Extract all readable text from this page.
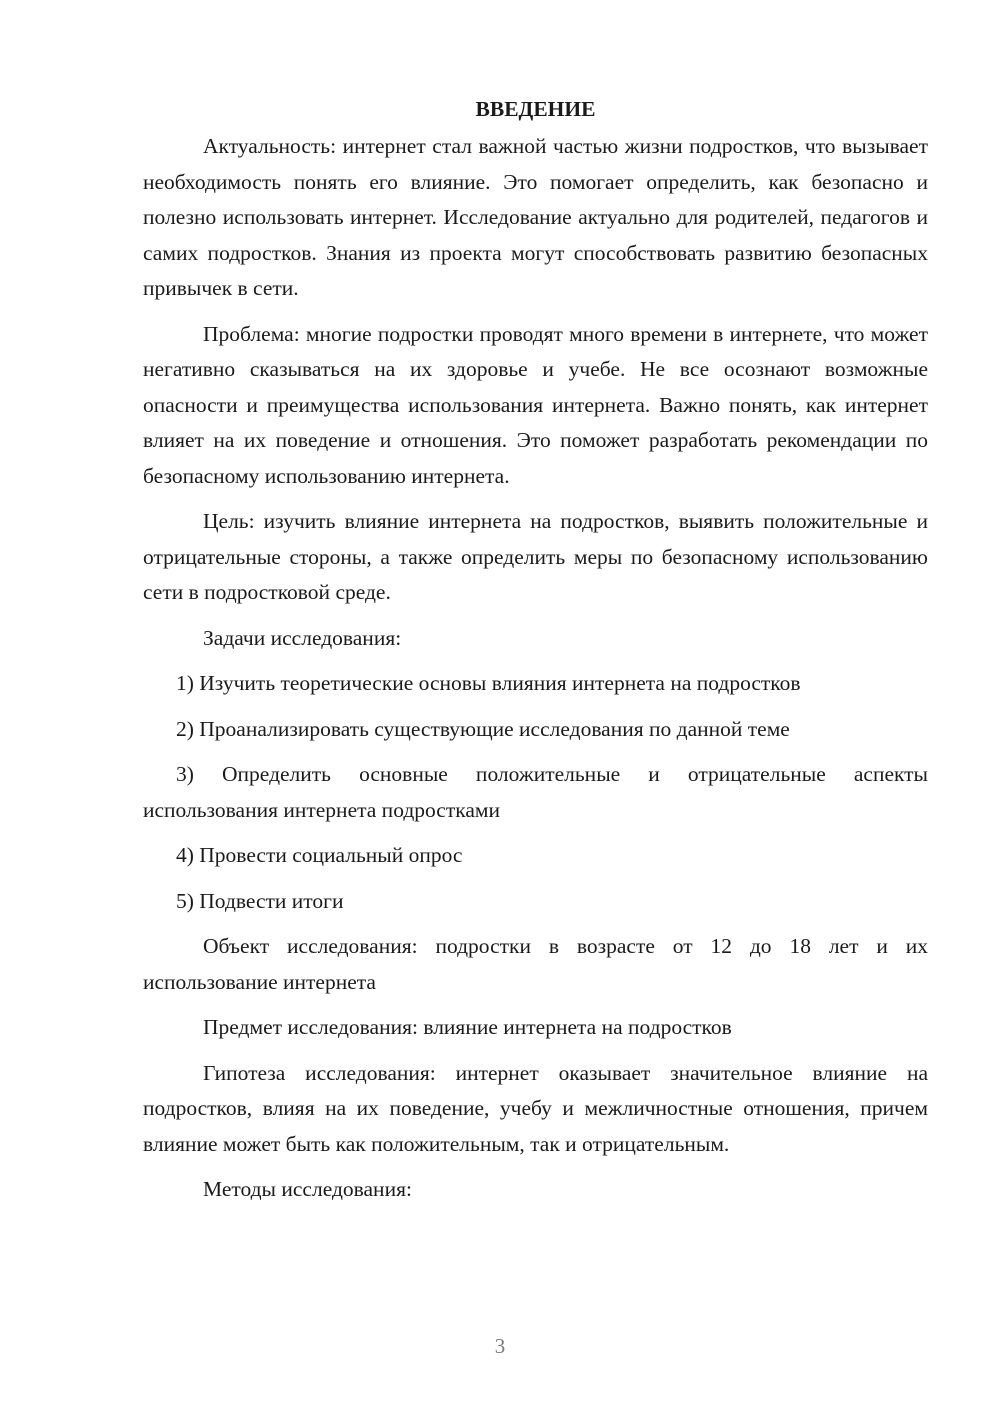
ВВЕДЕНИЕ

Актуальность: интернет стал важной частью жизни подростков, что вызывает необходимость понять его влияние. Это помогает определить, как безопасно и полезно использовать интернет. Исследование актуально для родителей, педагогов и самих подростков. Знания из проекта могут способствовать развитию безопасных привычек в сети.

Проблема: многие подростки проводят много времени в интернете, что может негативно сказываться на их здоровье и учебе. Не все осознают возможные опасности и преимущества использования интернета. Важно понять, как интернет влияет на их поведение и отношения. Это поможет разработать рекомендации по безопасному использованию интернета.

Цель: изучить влияние интернета на подростков, выявить положительные и отрицательные стороны, а также определить меры по безопасному использованию сети в подростковой среде.

Задачи исследования:

1) Изучить теоретические основы влияния интернета на подростков

2) Проанализировать существующие исследования по данной теме

3) Определить основные положительные и отрицательные аспекты использования интернета подростками

4) Провести социальный опрос

5) Подвести итоги

Объект исследования: подростки в возрасте от 12 до 18 лет и их использование интернета

Предмет исследования: влияние интернета на подростков

Гипотеза исследования: интернет оказывает значительное влияние на подростков, влияя на их поведение, учебу и межличностные отношения, причем влияние может быть как положительным, так и отрицательным.

Методы исследования:

3
